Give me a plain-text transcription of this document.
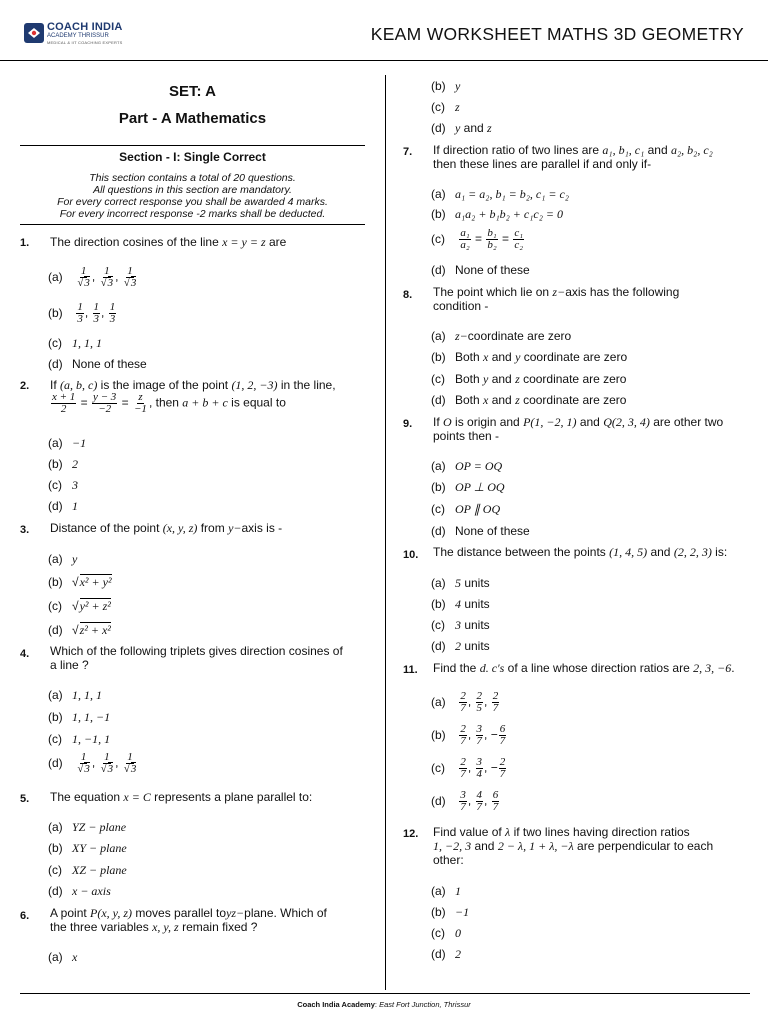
COACH INDIA
ACADEMY THRISSUR
MEDICAL & IIT COACHING EXPERTS	KEAM WORKSHEET MATHS 3D GEOMETRY
SET: A
Part - A Mathematics
Section - I: Single Correct
This section contains a total of 20 questions.
All questions in this section are mandatory.
For every correct response you shall be awarded 4 marks.
For every incorrect response -2 marks shall be deducted.
1. The direction cosines of the line x = y = z are
$(a) \frac{1}{√3}$ , $\frac{1}{√3}$ , $\frac{1}{√3}$
$(b) \frac{1}{3}$ , $\frac{1}{3}$ , $\frac{1}{3}$
(c) 1, 1, 1
(d) None of these
2. If (a, b, c) is the image of the point (1, 2, −3) in the line,
$\frac{x + 1}{2} = \frac{y - 3}{-2} = \frac{z}{-1}$ , then a + b + c is equal to
(a) −1
(b) 2
(c) 3
(d) 1
3. Distance of the point (x, y, z) from y−axis is -
(a) y
(b) √x² + y²
(c) √y² + z²
(d) √z² + x²
4. Which of the following triplets gives direction cosines of
a line ?
(a) 1, 1, 1
(b) 1, 1, −1
(c) 1, −1, 1
$(d) \frac{1}{√3}$ , $\frac{1}{√3}$ , $\frac{1}{√3}$
5. The equation x = C represents a plane parallel to:
(a) YZ − plane
(b) XY − plane
(c) XZ − plane
(d) x − axis
6. A point P(x, y, z) moves parallel toyz−plane. Which of
the three variables x, y, z remain fixed ?
(a) x
(b) y
(c) z
(d) y and z
7. If direction ratio of two lines are a₁, b₁, c₁ and a₂, b₂, c₂
then these lines are parallel if and only if-
(a) a₁ = a₂, b₁ = b₂, c₁ = c₂
(b) a₁a₂ + b₁b₂ + c₁c₂ = 0
$(c) \frac{\text{a₁}}{\text{a₂}} = \frac{\text{b₁}}{\text{b₂}} = \frac{\text{c₁}}{\text{c₂}}$
(d) None of these
8. The point which lie on z−axis has the following
condition -
(a) z−coordinate are zero
(b) Both x and y coordinate are zero
(c) Both y and z coordinate are zero
(d) Both x and z coordinate are zero
9. If O is origin and P(1, −2, 1) and Q(2, 3, 4) are other two
points then -
(a) OP = OQ
(b) OP ⊥ OQ
(c) OP ∥ OQ
(d) None of these
10. The distance between the points (1, 4, 5) and (2, 2, 3) is:
(a) 5 units
(b) 4 units
(c) 3 units
(d) 2 units
11. Find the d. c′s of a line whose direction ratios are 2, 3, −6.
$(a) \frac{2}{7}$ , $\frac{2}{5}$ , $\frac{2}{7}$
$(b) \frac{2}{7}$ , $\frac{3}{7}$ , − $\frac{6}{7}$
$(c) \frac{2}{7}$ , $\frac{3}{4}$ , − $\frac{2}{7}$
$(d) \frac{3}{7}$ , $\frac{4}{7}$ , $\frac{6}{7}$
12. Find value of λ if two lines having direction ratios
1, −2, 3 and 2 − λ, 1 + λ, −λ are perpendicular to each
other:
(a) 1
(b) −1
(c) 0
(d) 2
Coach India Academy: East Fort Junction, Thrissur
